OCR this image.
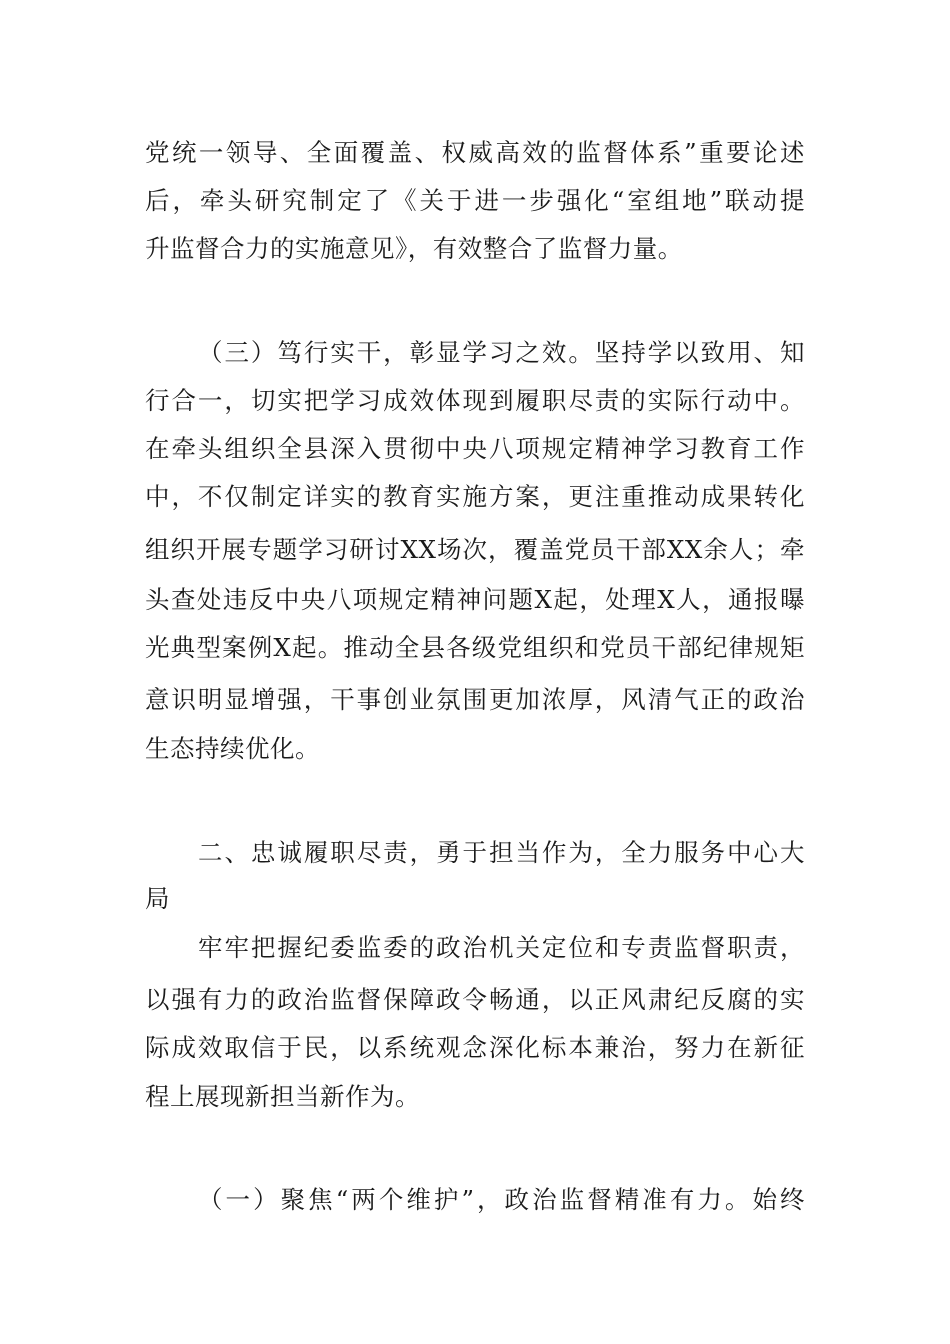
党统一领导、全面覆盖、权威高效的监督体系”重要论述
后，牵头研究制定了《关于进一步强化“室组地”联动提
升监督合力的实施意见》，有效整合了监督力量。
（三）笃行实干，彰显学习之效。坚持学以致用、知
行合一，切实把学习成效体现到履职尽责的实际行动中。
在牵头组织全县深入贯彻中央八项规定精神学习教育工作
中，不仅制定详实的教育实施方案，更注重推动成果转化
组织开展专题学习研讨XX场次，覆盖党员干部XX余人；牵
头查处违反中央八项规定精神问题X起，处理X人，通报曝
光典型案例X起。推动全县各级党组织和党员干部纪律规矩
意识明显增强，干事创业氛围更加浓厚，风清气正的政治
生态持续优化。
二、忠诚履职尽责，勇于担当作为，全力服务中心大
局
牢牢把握纪委监委的政治机关定位和专责监督职责，
以强有力的政治监督保障政令畅通，以正风肃纪反腐的实
际成效取信于民，以系统观念深化标本兼治，努力在新征
程上展现新担当新作为。
（一）聚焦“两个维护”，政治监督精准有力。始终
